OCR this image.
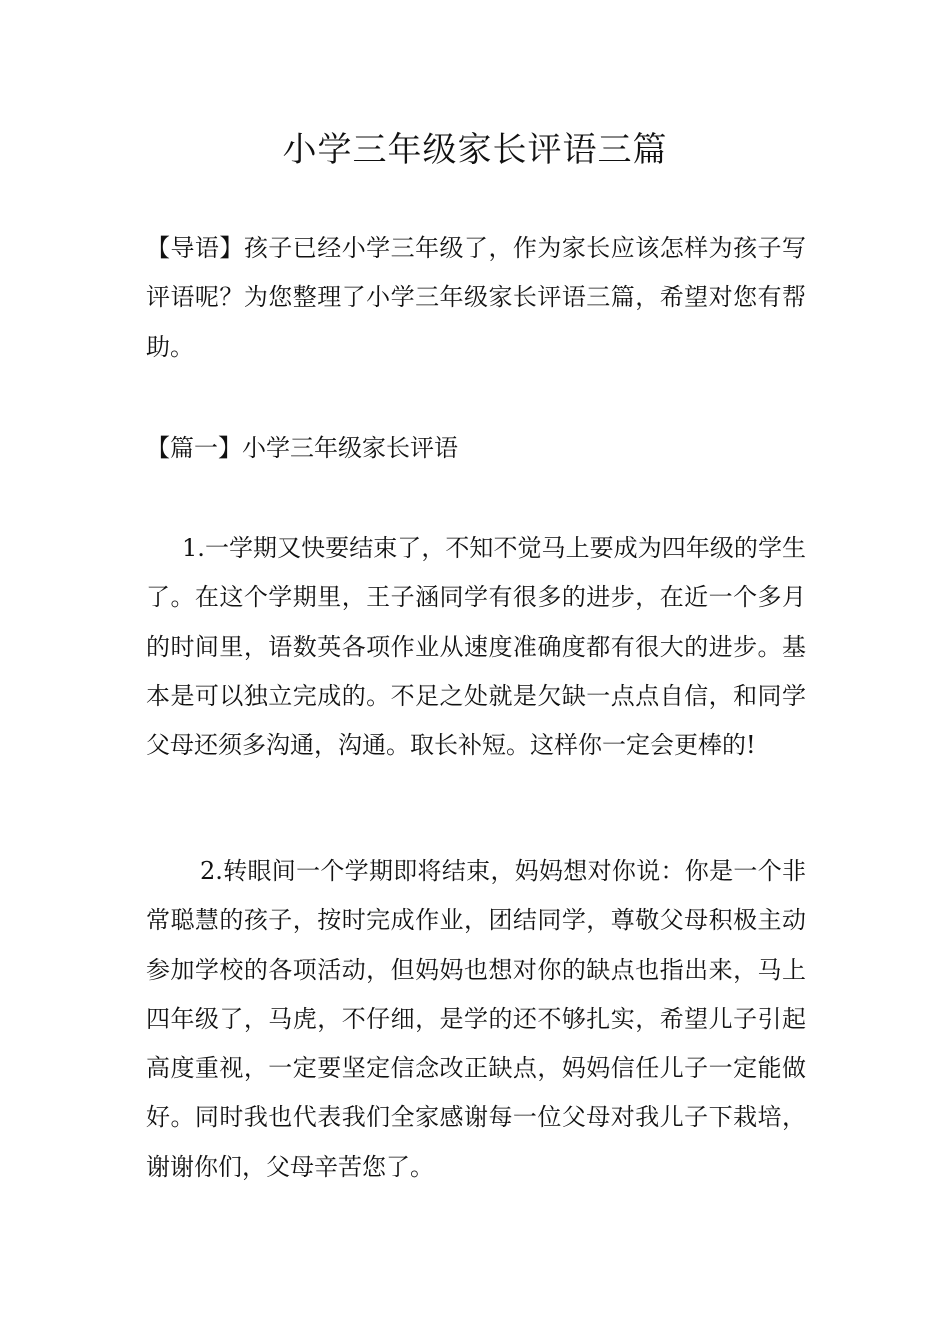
小学三年级家长评语三篇

【导语】孩子已经小学三年级了，作为家长应该怎样为孩子写评语呢？为您整理了小学三年级家长评语三篇，希望对您有帮助。

【篇一】小学三年级家长评语

1.一学期又快要结束了，不知不觉马上要成为四年级的学生了。在这个学期里，王子涵同学有很多的进步，在近一个多月的时间里，语数英各项作业从速度准确度都有很大的进步。基本是可以独立完成的。不足之处就是欠缺一点点自信，和同学父母还须多沟通，沟通。取长补短。这样你一定会更棒的!

2.转眼间一个学期即将结束，妈妈想对你说：你是一个非常聪慧的孩子，按时完成作业，团结同学，尊敬父母积极主动参加学校的各项活动，但妈妈也想对你的缺点也指出来，马上四年级了，马虎，不仔细，是学的还不够扎实，希望儿子引起高度重视，一定要坚定信念改正缺点，妈妈信任儿子一定能做好。同时我也代表我们全家感谢每一位父母对我儿子下栽培，谢谢你们，父母辛苦您了。
